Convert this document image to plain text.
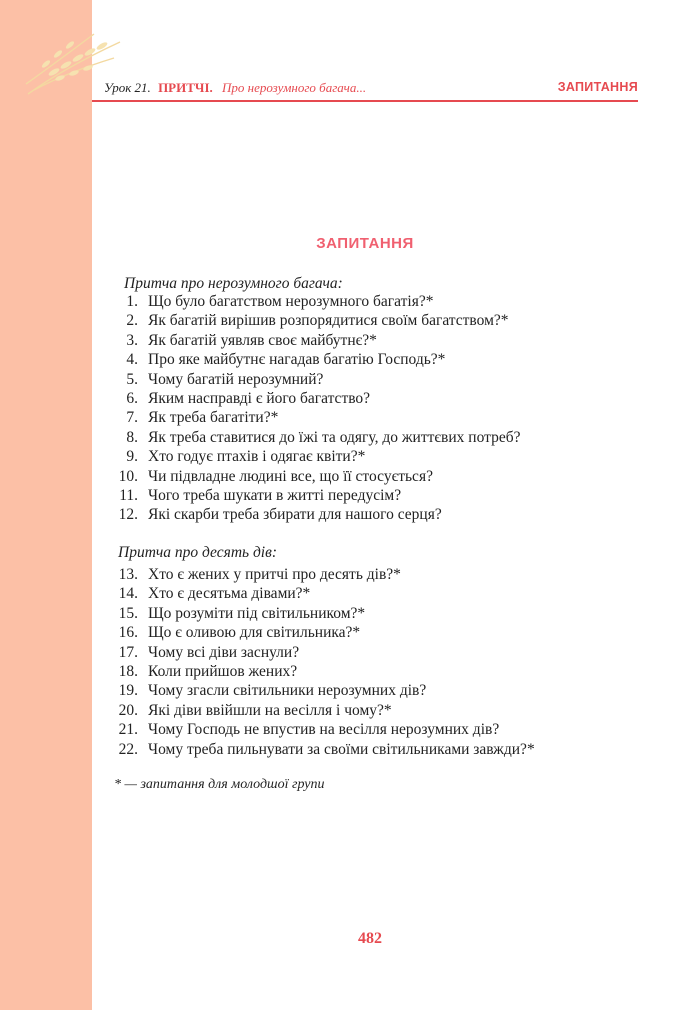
Урок 21. ПРИТЧІ. Про нерозумного багача...	ЗАПИТАННЯ
ЗАПИТАННЯ
Притча про нерозумного багача:
1. Що було багатством нерозумного багатія?*
2. Як багатій вирішив розпорядитися своїм багатством?*
3. Як багатій уявляв своє майбутнє?*
4. Про яке майбутнє нагадав багатію Господь?*
5. Чому багатій нерозумний?
6. Яким насправді є його багатство?
7. Як треба багатіти?*
8. Як треба ставитися до їжі та одягу, до життєвих потреб?
9. Хто годує птахів і одягає квіти?*
10. Чи підвладне людині все, що її стосується?
11. Чого треба шукати в житті передусім?
12. Які скарби треба збирати для нашого серця?
Притча про десять дів:
13. Хто є жених у притчі про десять дів?*
14. Хто є десятьма дівами?*
15. Що розуміти під світильником?*
16. Що є оливою для світильника?*
17. Чому всі діви заснули?
18. Коли прийшов жених?
19. Чому згасли світильники нерозумних дів?
20. Які діви ввійшли на весілля і чому?*
21. Чому Господь не впустив на весілля нерозумних дів?
22. Чому треба пильнувати за своїми світильниками завжди?*
* — запитання для молодшої групи
482
